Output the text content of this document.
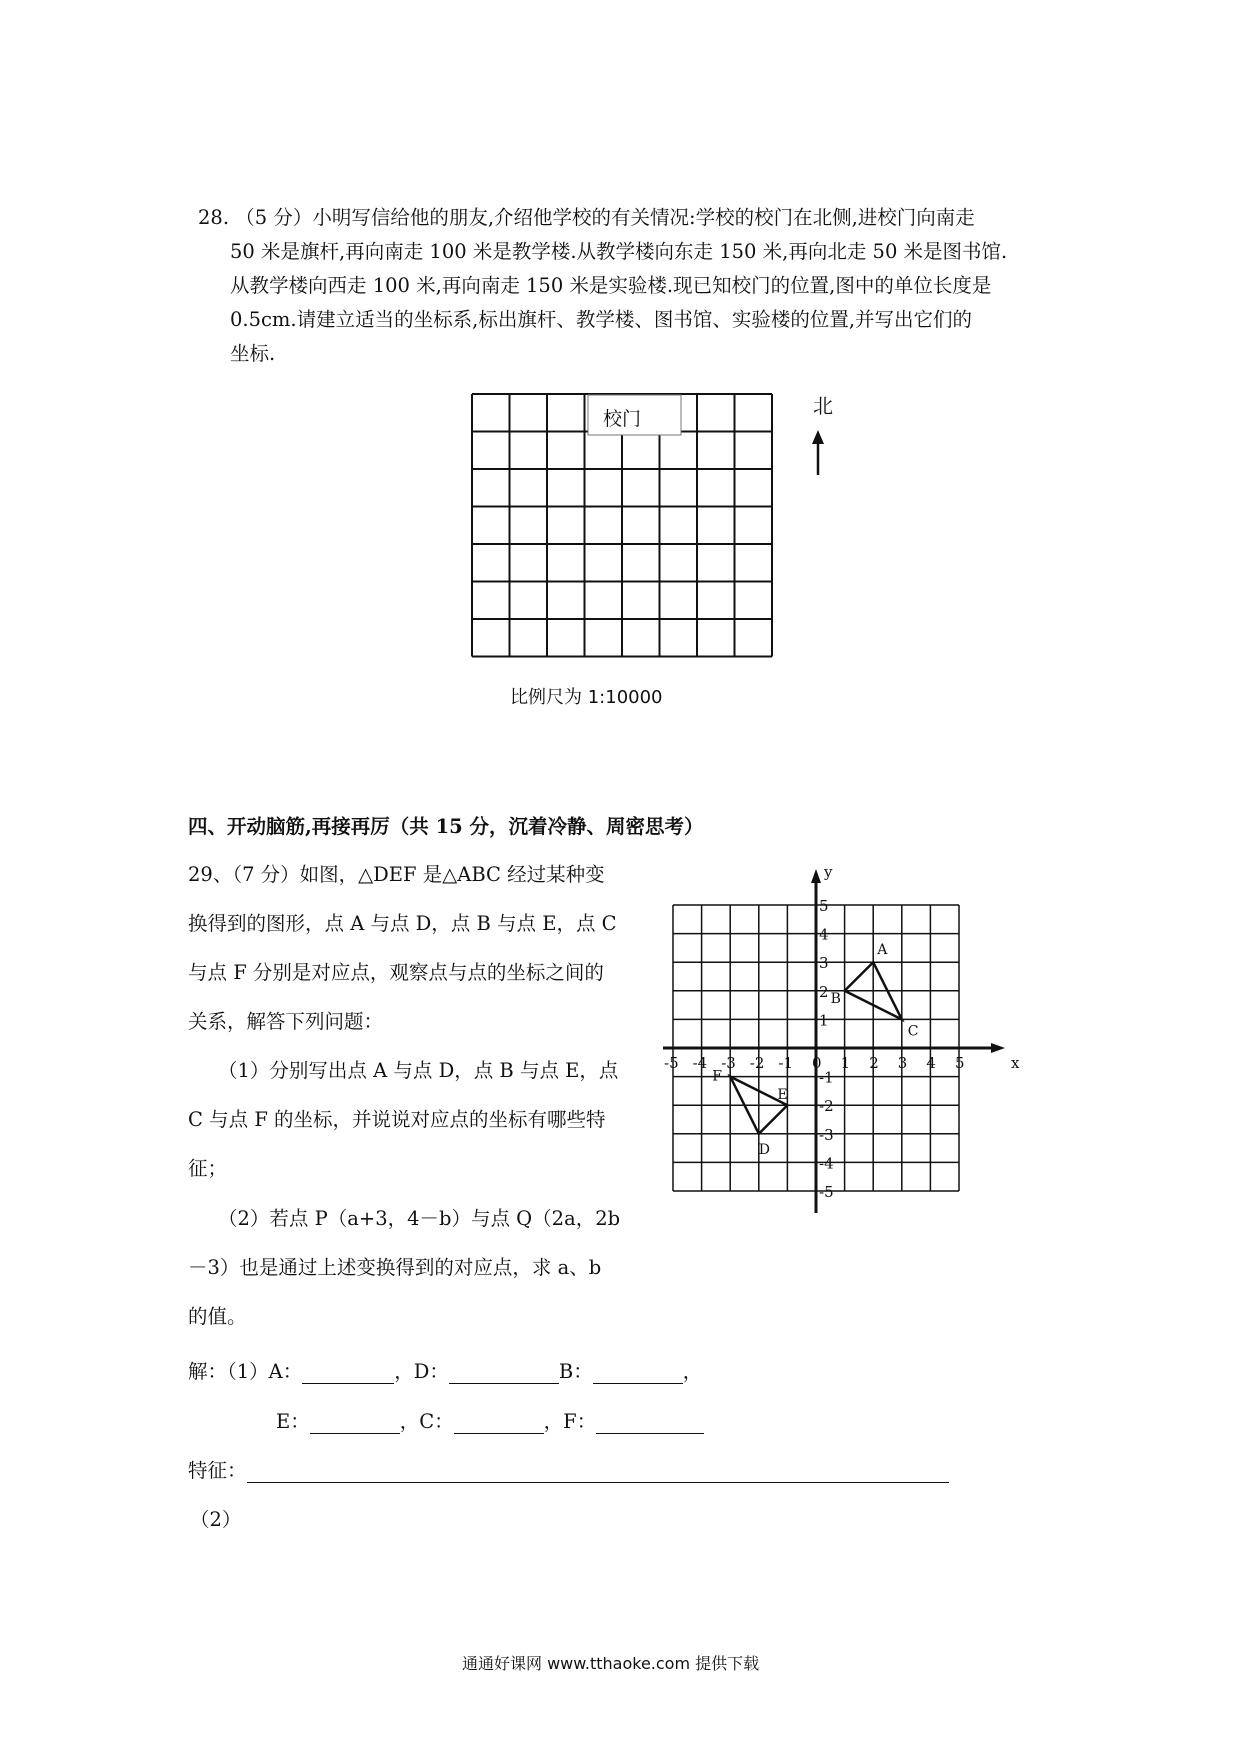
28. （5 分）小明写信给他的朋友,介绍他学校的有关情况:学校的校门在北侧,进校门向南走
50 米是旗杆,再向南走 100 米是教学楼.从教学楼向东走 150 米,再向北走 50 米是图书馆.
从教学楼向西走 100 米,再向南走 150 米是实验楼.现已知校门的位置,图中的单位长度是
0.5cm.请建立适当的坐标系,标出旗杆、教学楼、图书馆、实验楼的位置,并写出它们的
坐标.
校门
北
比例尺为 1:10000
四、开动脑筋,再接再厉（共 15 分，沉着冷静、周密思考）
29、（7 分）如图，△DEF 是△ABC 经过某种变
换得到的图形，点 A 与点 D，点 B 与点 E，点 C
与点 F 分别是对应点，观察点与点的坐标之间的
关系，解答下列问题：
（1）分别写出点 A 与点 D，点 B 与点 E，点
C 与点 F 的坐标，并说说对应点的坐标有哪些特
征；
（2）若点 P（a+3，4－b）与点 Q（2a，2b
－3）也是通过上述变换得到的对应点，求 a、b
的值。
x
y
-5 -4 -3 -2 -1 0 1 2 3 4 5
5
4
3
2
1
-1
-2
-3
-4
-5
A
B
C
D
E
F
解：（1）A：	，D：	B：	，
E：	，C：	，F：
特征：
（2）
通通好课网 www.tthaoke.com 提供下载
